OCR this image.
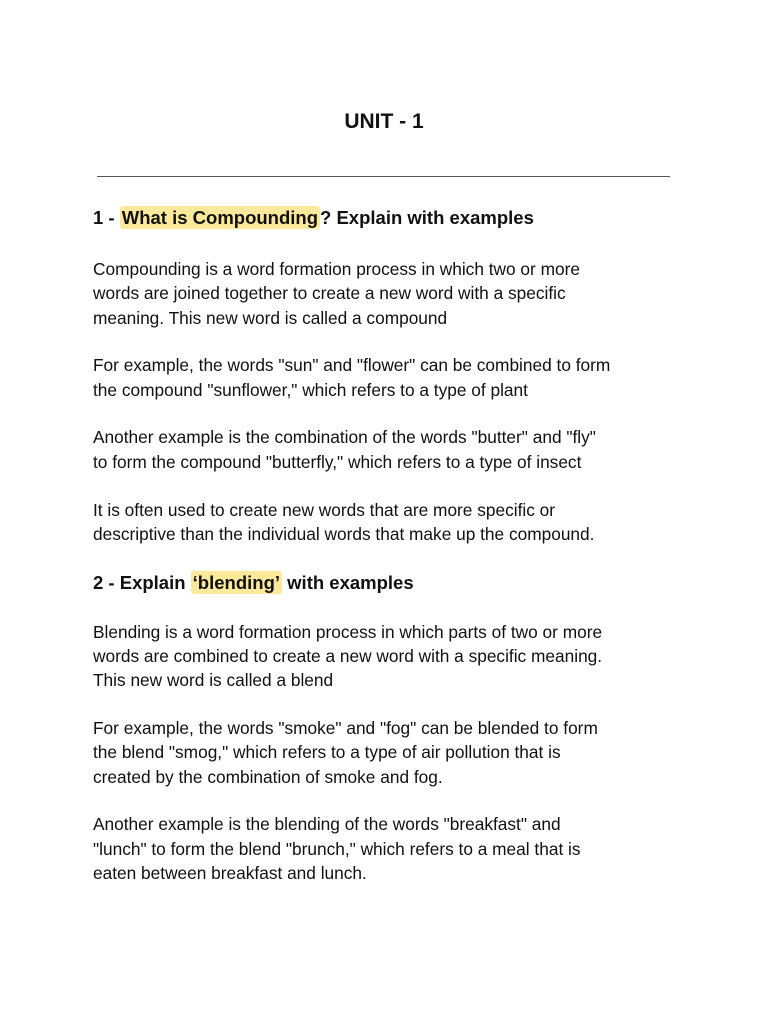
UNIT - 1
1 - What is Compounding ? Explain with examples

Compounding is a word formation process in which two or more
words are joined together to create a new word with a specific
meaning. This new word is called a compound

For example, the words "sun" and "flower" can be combined to form
the compound "sunflower," which refers to a type of plant

Another example is the combination of the words "butter" and "fly"
to form the compound "butterfly," which refers to a type of insect

It is often used to create new words that are more specific or
descriptive than the individual words that make up the compound.

2 - Explain ‘blending’ with examples

Blending is a word formation process in which parts of two or more
words are combined to create a new word with a specific meaning.
This new word is called a blend

For example, the words "smoke" and "fog" can be blended to form
the blend "smog," which refers to a type of air pollution that is
created by the combination of smoke and fog.

Another example is the blending of the words "breakfast" and
"lunch" to form the blend "brunch," which refers to a meal that is
eaten between breakfast and lunch.
